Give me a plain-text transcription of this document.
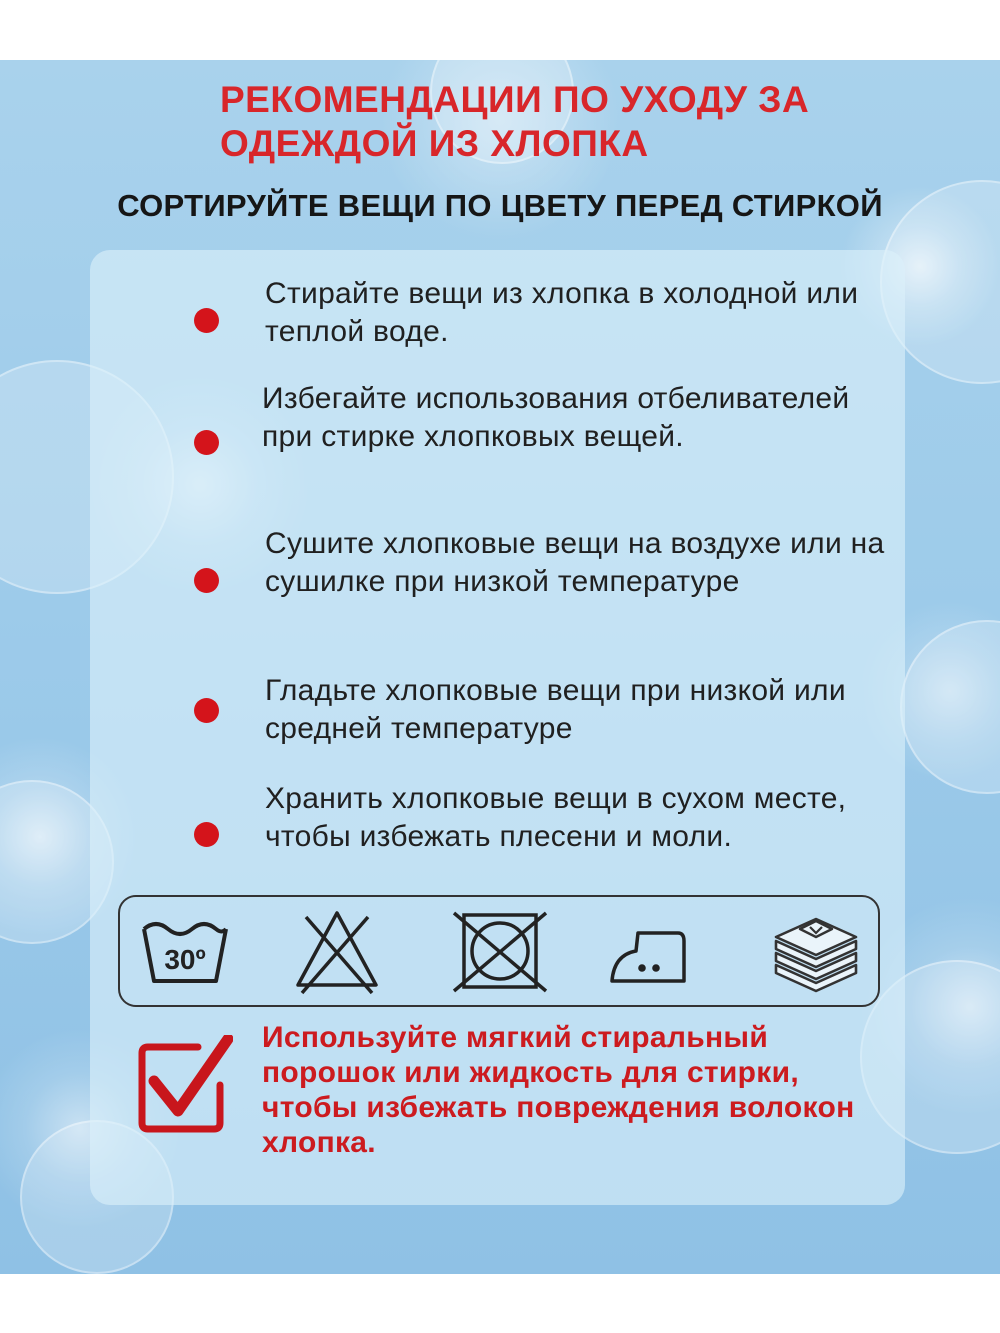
РЕКОМЕНДАЦИИ ПО УХОДУ ЗА ОДЕЖДОЙ ИЗ ХЛОПКА
СОРТИРУЙТЕ ВЕЩИ ПО ЦВЕТУ ПЕРЕД СТИРКОЙ

Стирайте вещи из хлопка в холодной или теплой воде.

Избегайте использования отбеливателей при стирке хлопковых вещей.

Сушите хлопковые вещи на воздухе или на сушилке при низкой температуре

Гладьте хлопковые вещи при низкой или средней температуре

Хранить хлопковые вещи в сухом месте, чтобы избежать плесени и моли.

30º

Используйте мягкий стиральный порошок или жидкость для стирки, чтобы избежать повреждения волокон хлопка.
